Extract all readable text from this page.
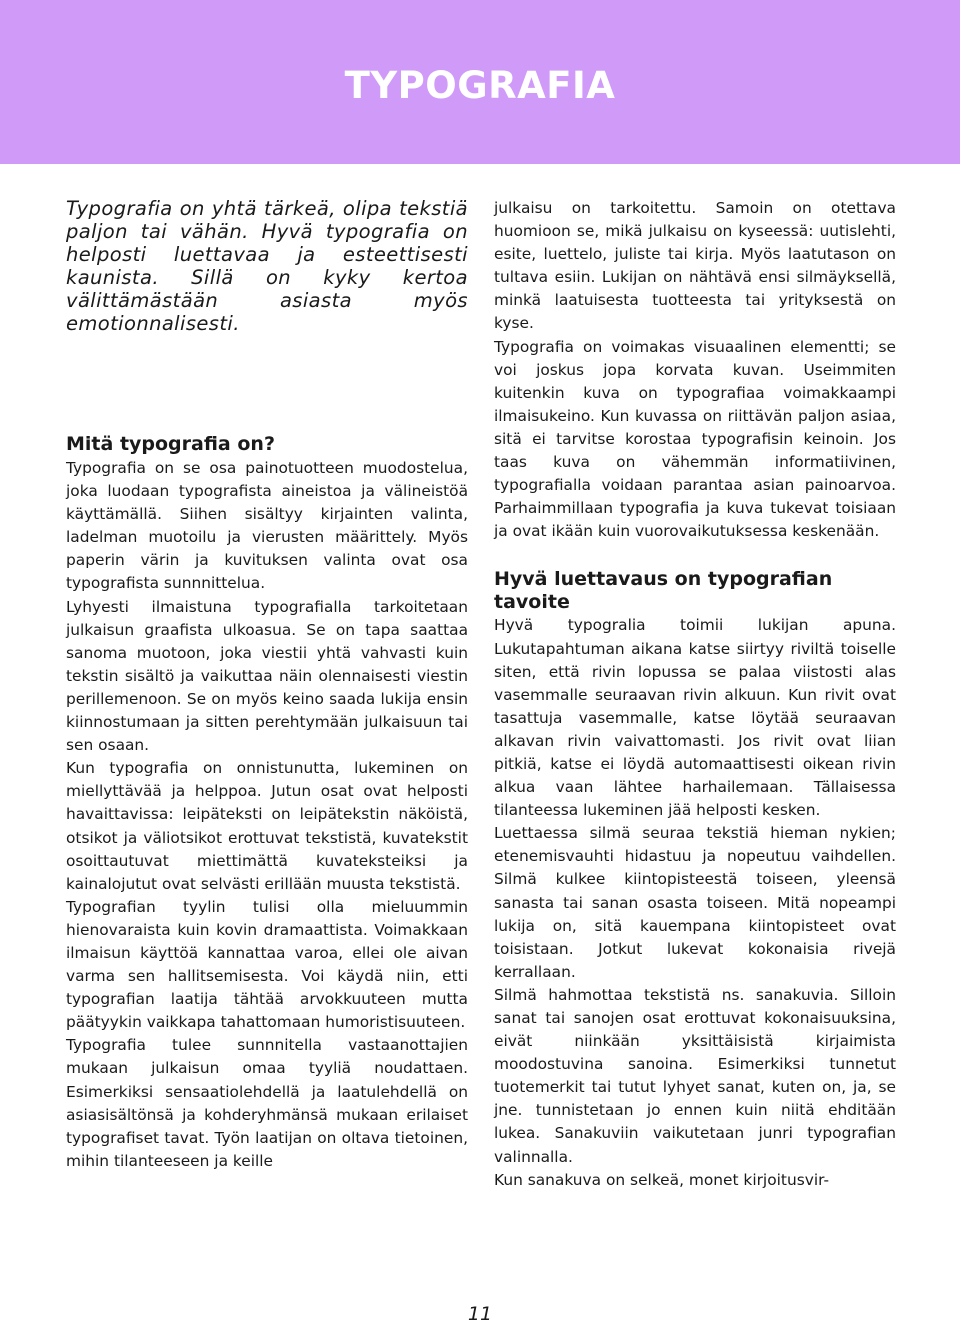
TYPOGRAFIA

Typografia on yhtä tärkeä, olipa tekstiä paljon tai vähän. Hyvä typografia on helposti luettavaa ja esteettisesti kaunista. Sillä on kyky kertoa välittämästään asiasta myös emotionnalisesti.

Mitä typografia on?

Typografia on se osa painotuotteen muodostelua, joka luodaan typografista aineistoa ja välineistöä käyttämällä. Siihen sisältyy kirjainten valinta, ladelman muotoilu ja vierusten määrittely. Myös paperin värin ja kuvituksen valinta ovat osa typografista sunnnittelua.

Lyhyesti ilmaistuna typografialla tarkoitetaan julkaisun graafista ulkoasua. Se on tapa saattaa sanoma muotoon, joka viestii yhtä vahvasti kuin tekstin sisältö ja vaikuttaa näin olennaisesti viestin perillemenoon. Se on myös keino saada lukija ensin kiinnostumaan ja sitten perehtymään julkaisuun tai sen osaan.

Kun typografia on onnistunutta, lukeminen on miellyttävää ja helppoa. Jutun osat ovat helposti havaittavissa: leipäteksti on leipätekstin näköistä, otsikot ja väliotsikot erottuvat tekstistä, kuvatekstit osoittautuvat miettimättä kuvateksteiksi ja kainalojutut ovat selvästi erillään muusta tekstistä.

Typografian tyylin tulisi olla mieluummin hienovaraista kuin kovin dramaattista. Voimakkaan ilmaisun käyttöä kannattaa varoa, ellei ole aivan varma sen hallitsemisesta. Voi käydä niin, etti typografian laatija tähtää arvokkuuteen mutta päätyykin vaikkapa tahattomaan humoristisuuteen.

Typografia tulee sunnnitella vastaanottajien mukaan julkaisun omaa tyyliä noudattaen. Esimerkiksi sensaatiolehdellä ja laatulehdellä on asiasisältönsä ja kohderyhmänsä mukaan erilaiset typografiset tavat. Työn laatijan on oltava tietoinen, mihin tilanteeseen ja keille

julkaisu on tarkoitettu. Samoin on otettava huomioon se, mikä julkaisu on kyseessä: uutislehti, esite, luettelo, juliste tai kirja. Myös laatutason on tultava esiin. Lukijan on nähtävä ensi silmäyksellä, minkä laatuisesta tuotteesta tai yrityksestä on kyse.

Typografia on voimakas visuaalinen elementti; se voi joskus jopa korvata kuvan. Useimmiten kuitenkin kuva on typografiaa voimakkaampi ilmaisukeino. Kun kuvassa on riittävän paljon asiaa, sitä ei tarvitse korostaa typografisin keinoin. Jos taas kuva on vähemmän informatiivinen, typografialla voidaan parantaa asian painoarvoa. Parhaimmillaan typografia ja kuva tukevat toisiaan ja ovat ikään kuin vuorovaikutuksessa keskenään.

Hyvä luettavaus on typografian tavoite

Hyvä typogralia toimii lukijan apuna. Lukutapahtuman aikana katse siirtyy riviltä toiselle siten, että rivin lopussa se palaa viistosti alas vasemmalle seuraavan rivin alkuun. Kun rivit ovat tasattuja vasemmalle, katse löytää seuraavan alkavan rivin vaivattomasti. Jos rivit ovat liian pitkiä, katse ei löydä automaattisesti oikean rivin alkua vaan lähtee harhailemaan. Tällaisessa tilanteessa lukeminen jää helposti kesken.

Luettaessa silmä seuraa tekstiä hieman nykien; etenemisvauhti hidastuu ja nopeutuu vaihdellen. Silmä kulkee kiintopisteestä toiseen, yleensä sanasta tai sanan osasta toiseen. Mitä nopeampi lukija on, sitä kauempana kiintopisteet ovat toisistaan. Jotkut lukevat kokonaisia rivejä kerrallaan.

Silmä hahmottaa tekstistä ns. sanakuvia. Silloin sanat tai sanojen osat erottuvat kokonaisuuksina, eivät niinkään yksittäisistä kirjaimista moodostuvina sanoina. Esimerkiksi tunnetut tuotemerkit tai tutut lyhyet sanat, kuten on, ja, se jne. tunnistetaan jo ennen kuin niitä ehditään lukea. Sanakuviin vaikutetaan junri typografian valinnalla.

Kun sanakuva on selkeä, monet kirjoitusvir-

11
